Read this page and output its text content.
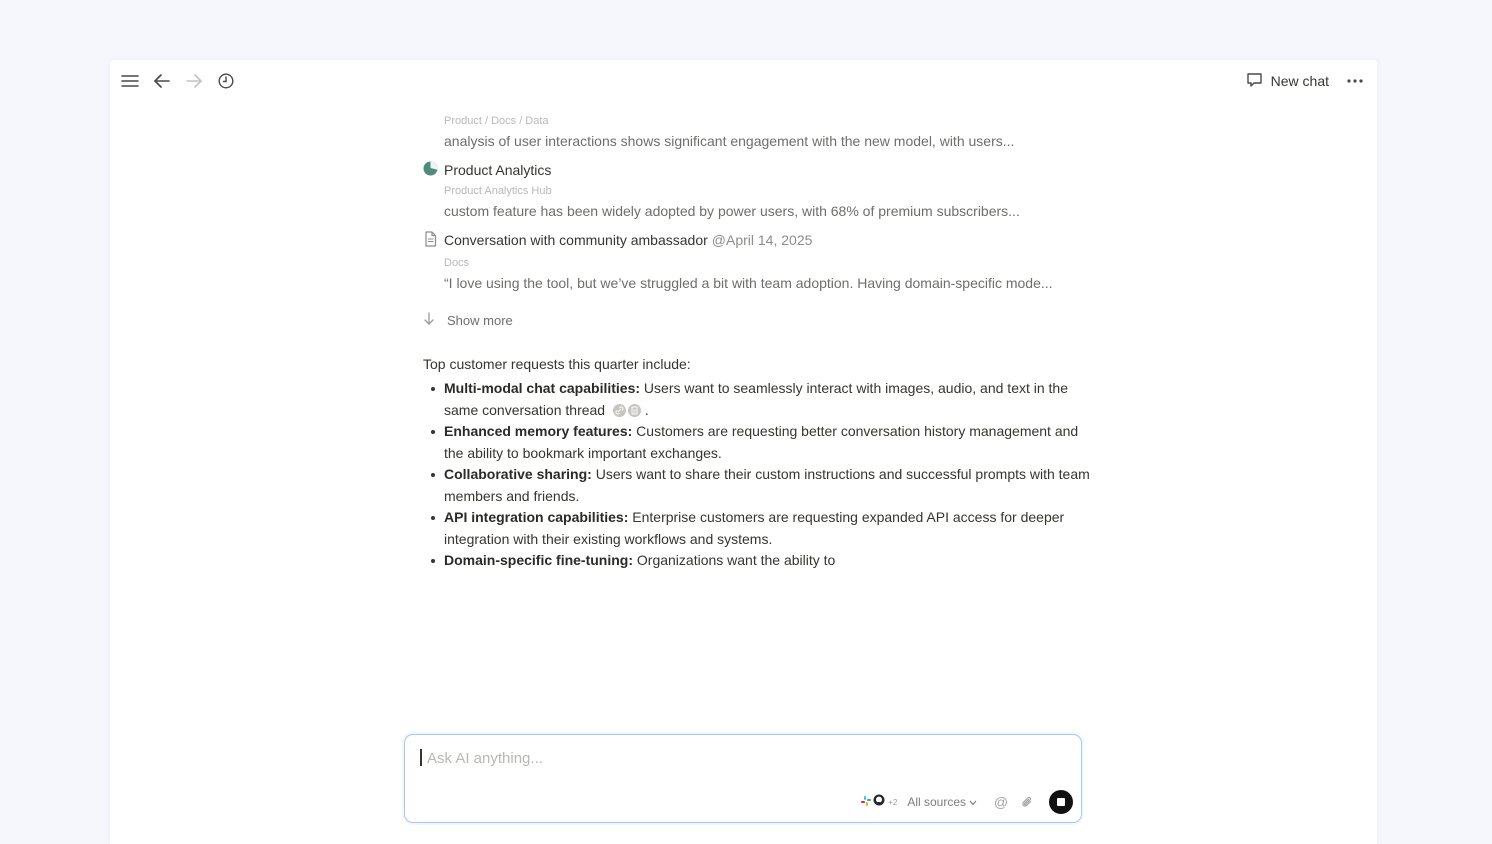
New chat
Product / Docs / Data
analysis of user interactions shows significant engagement with the new model, with users...
Product Analytics
Product Analytics Hub
custom feature has been widely adopted by power users, with 68% of premium subscribers...
Conversation with community ambassador @April 14, 2025
Docs
“I love using the tool, but we’ve struggled a bit with team adoption. Having domain-specific mode...
Show more
Top customer requests this quarter include:
Multi-modal chat capabilities: Users want to seamlessly interact with images, audio, and text in the same conversation thread	.
Enhanced memory features: Customers are requesting better conversation history management and the ability to bookmark important exchanges.
Collaborative sharing: Users want to share their custom instructions and successful prompts with team members and friends.
API integration capabilities: Enterprise customers are requesting expanded API access for deeper integration with their existing workflows and systems.
Domain-specific fine-tuning: Organizations want the ability to
Ask AI anything...
+2 All sources @
